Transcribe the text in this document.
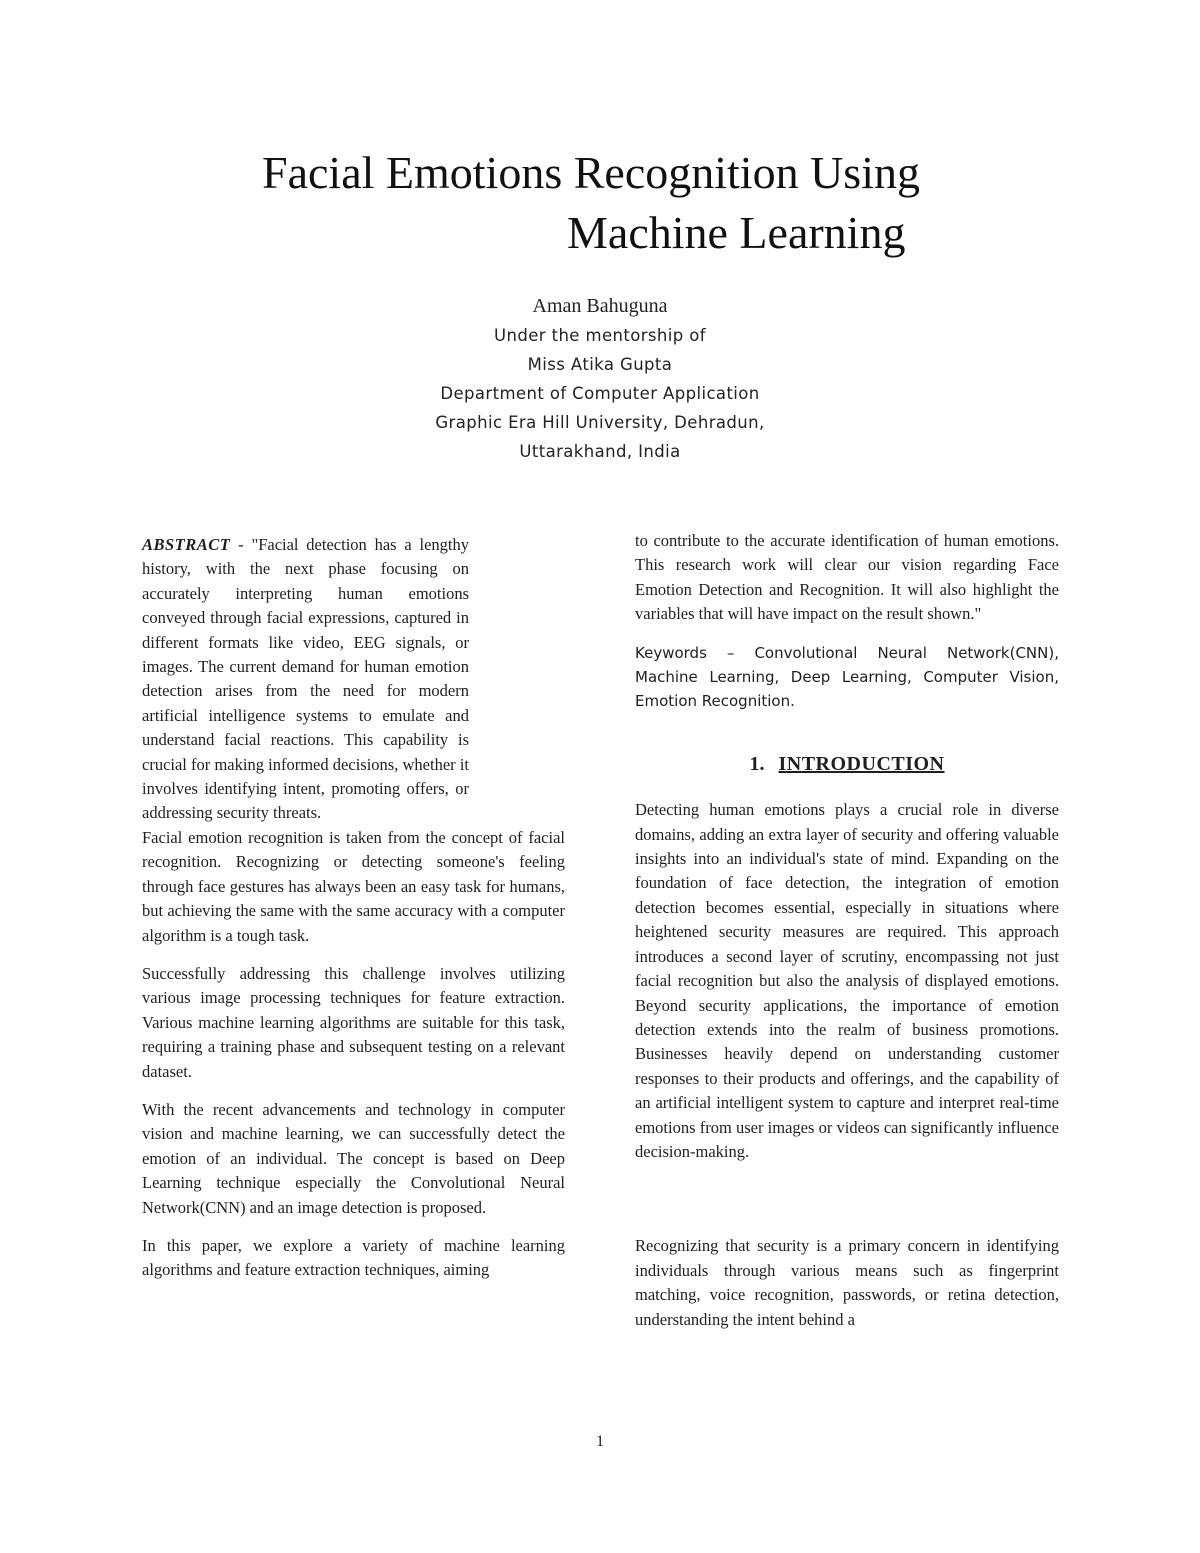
Facial Emotions Recognition Using
Machine Learning
Aman Bahuguna
Under the mentorship of
Miss Atika Gupta
Department of Computer Application
Graphic Era Hill University, Dehradun,
Uttarakhand, India

ABSTRACT - "Facial detection has a lengthy history, with the next phase focusing on accurately interpreting human emotions conveyed through facial expressions, captured in different formats like video, EEG signals, or images. The current demand for human emotion detection arises from the need for modern artificial intelligence systems to emulate and understand facial reactions. This capability is crucial for making informed decisions, whether it involves identifying intent, promoting offers, or addressing security threats.

Facial emotion recognition is taken from the concept of facial recognition. Recognizing or detecting someone's feeling through face gestures has always been an easy task for humans, but achieving the same with the same accuracy with a computer algorithm is a tough task.

Successfully addressing this challenge involves utilizing various image processing techniques for feature extraction. Various machine learning algorithms are suitable for this task, requiring a training phase and subsequent testing on a relevant dataset.

With the recent advancements and technology in computer vision and machine learning, we can successfully detect the emotion of an individual. The concept is based on Deep Learning technique especially the Convolutional Neural Network(CNN) and an image detection is proposed.

In this paper, we explore a variety of machine learning algorithms and feature extraction techniques, aiming

to contribute to the accurate identification of human emotions. This research work will clear our vision regarding Face Emotion Detection and Recognition. It will also highlight the variables that will have impact on the result shown."

Keywords – Convolutional Neural Network(CNN), Machine Learning, Deep Learning, Computer Vision, Emotion Recognition.

1. INTRODUCTION

Detecting human emotions plays a crucial role in diverse domains, adding an extra layer of security and offering valuable insights into an individual's state of mind. Expanding on the foundation of face detection, the integration of emotion detection becomes essential, especially in situations where heightened security measures are required. This approach introduces a second layer of scrutiny, encompassing not just facial recognition but also the analysis of displayed emotions. Beyond security applications, the importance of emotion detection extends into the realm of business promotions. Businesses heavily depend on understanding customer responses to their products and offerings, and the capability of an artificial intelligent system to capture and interpret real-time emotions from user images or videos can significantly influence decision-making.

Recognizing that security is a primary concern in identifying individuals through various means such as fingerprint matching, voice recognition, passwords, or retina detection, understanding the intent behind a

1
